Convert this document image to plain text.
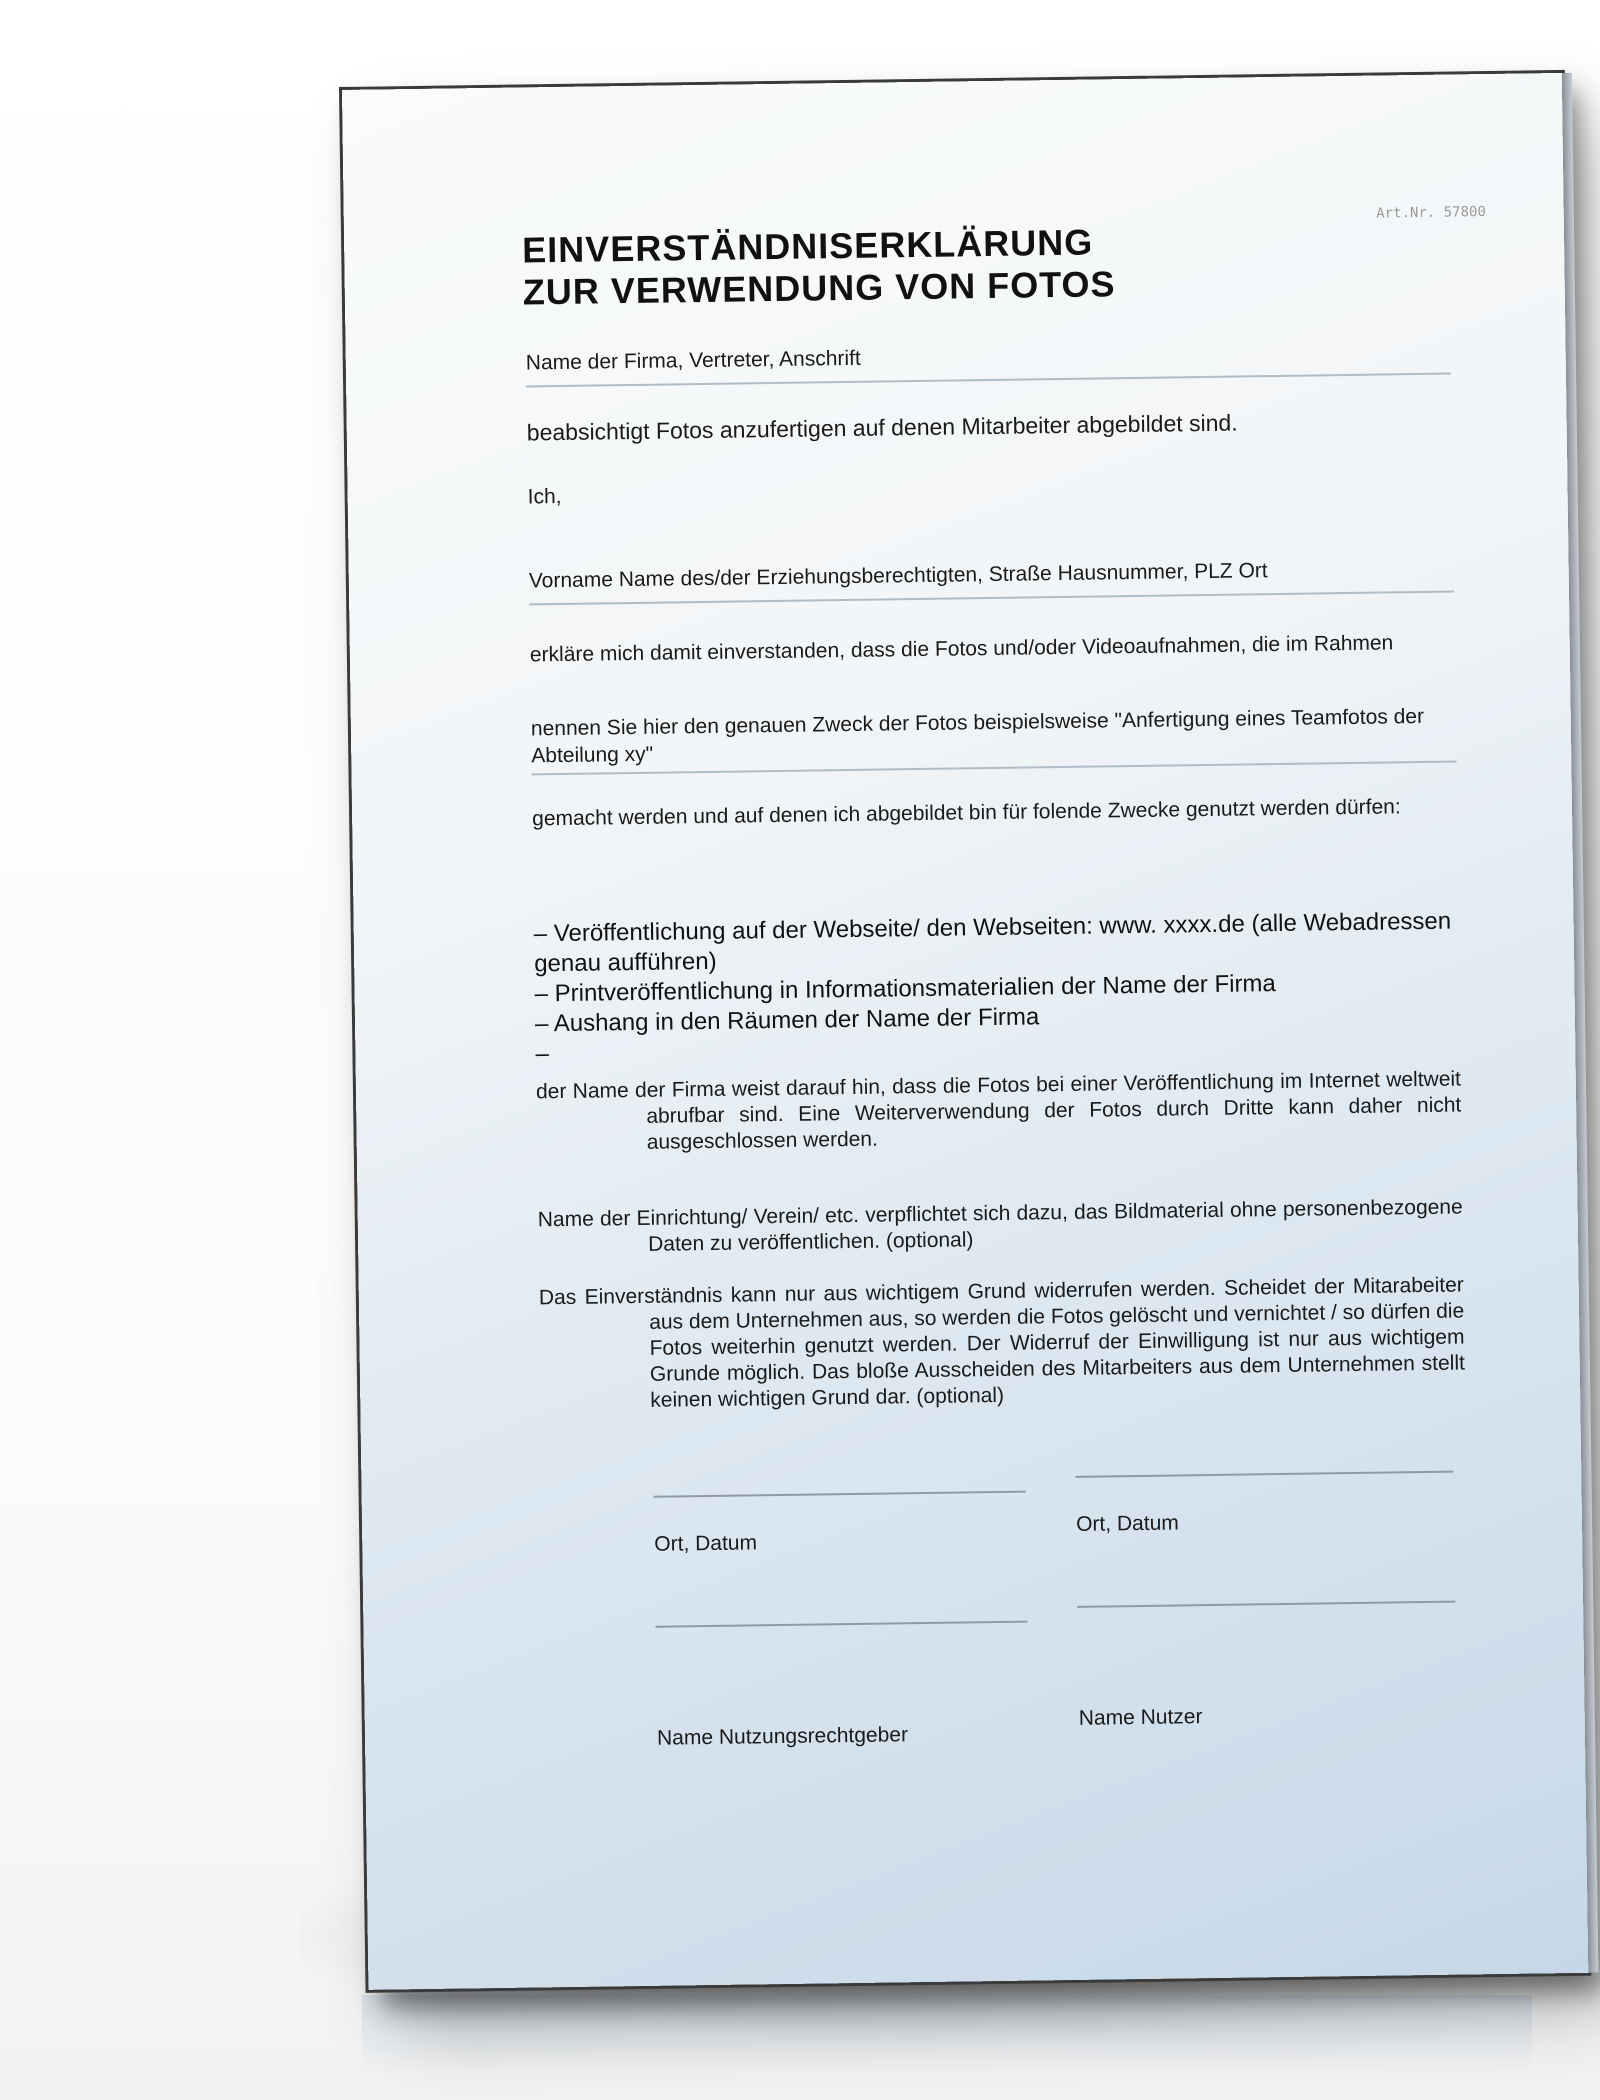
Art.Nr. 57800
EINVERSTÄNDNISERKLÄRUNG
ZUR VERWENDUNG VON FOTOS
Name der Firma, Vertreter, Anschrift
beabsichtigt Fotos anzufertigen auf denen Mitarbeiter abgebildet sind.
Ich,
Vorname Name des/der Erziehungsberechtigten, Straße Hausnummer, PLZ Ort
erkläre mich damit einverstanden, dass die Fotos und/oder Videoaufnahmen, die im Rahmen
nennen Sie hier den genauen Zweck der Fotos beispielsweise "Anfertigung eines Teamfotos der Abteilung xy"
gemacht werden und auf denen ich abgebildet bin für folende Zwecke genutzt werden dürfen:
– Veröffentlichung auf der Webseite/ den Webseiten: www. xxxx.de (alle Webadressen genau aufführen)
– Printveröffentlichung in Informationsmaterialien der Name der Firma
– Aushang in den Räumen der Name der Firma
–
der Name der Firma weist darauf hin, dass die Fotos bei einer Veröffentlichung im Internet weltweit abrufbar sind. Eine Weiterverwendung der Fotos durch Dritte kann daher nicht ausgeschlossen werden.
Name der Einrichtung/ Verein/ etc. verpflichtet sich dazu, das Bildmaterial ohne personenbezogene Daten zu veröffentlichen. (optional)
Das Einverständnis kann nur aus wichtigem Grund widerrufen werden. Scheidet der Mitarabeiter aus dem Unternehmen aus, so werden die Fotos gelöscht und vernichtet / so dürfen die Fotos weiterhin genutzt werden. Der Widerruf der Einwilligung ist nur aus wichtigem Grunde möglich. Das bloße Ausscheiden des Mitarbeiters aus dem Unternehmen stellt keinen wichtigen Grund dar. (optional)
Ort, Datum
Ort, Datum
Name Nutzungsrechtgeber
Name Nutzer
